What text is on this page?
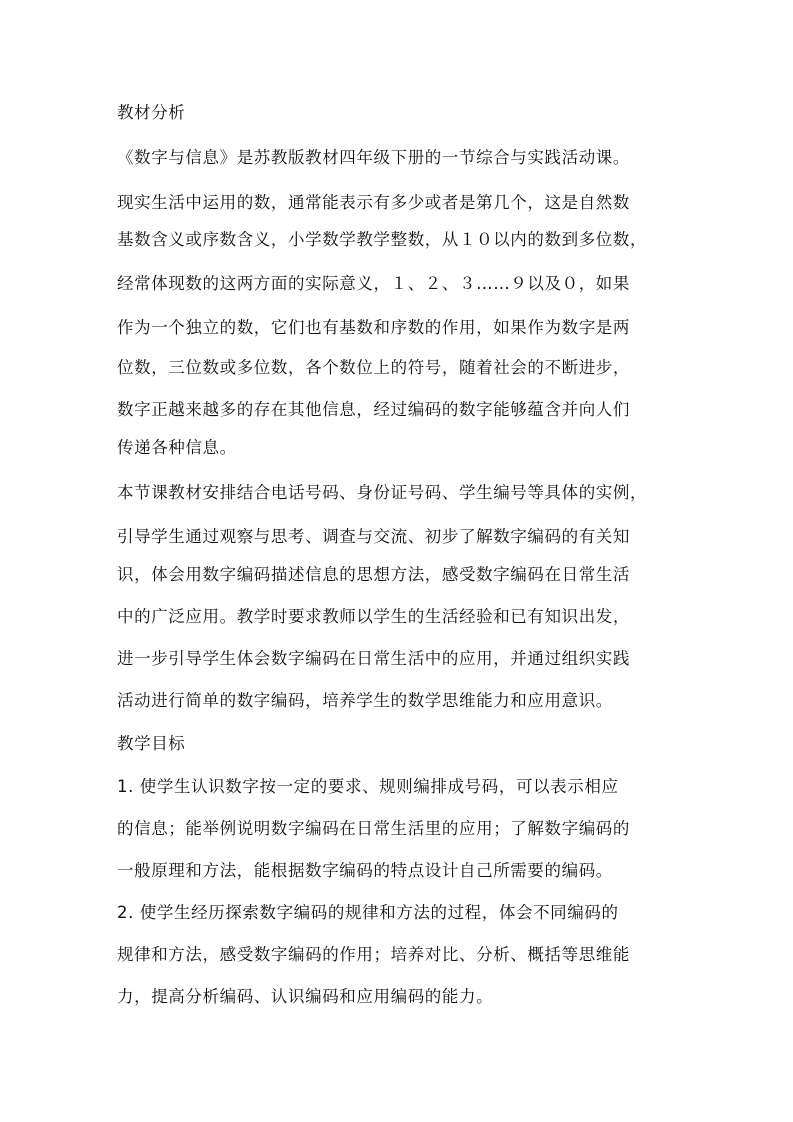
教材分析
《数字与信息》是苏教版教材四年级下册的一节综合与实践活动课。
现实生活中运用的数，通常能表示有多少或者是第几个，这是自然数
基数含义或序数含义，小学数学教学整数，从１０以内的数到多位数，
经常体现数的这两方面的实际意义，１、２、３……９以及０，如果
作为一个独立的数，它们也有基数和序数的作用，如果作为数字是两
位数，三位数或多位数，各个数位上的符号，随着社会的不断进步，
数字正越来越多的存在其他信息，经过编码的数字能够蕴含并向人们
传递各种信息。
本节课教材安排结合电话号码、身份证号码、学生编号等具体的实例，
引导学生通过观察与思考、调查与交流、初步了解数字编码的有关知
识，体会用数字编码描述信息的思想方法，感受数字编码在日常生活
中的广泛应用。教学时要求教师以学生的生活经验和已有知识出发，
进一步引导学生体会数字编码在日常生活中的应用，并通过组织实践
活动进行简单的数字编码，培养学生的数学思维能力和应用意识。
教学目标
1. 使学生认识数字按一定的要求、规则编排成号码，可以表示相应
的信息；能举例说明数字编码在日常生活里的应用；了解数字编码的
一般原理和方法，能根据数字编码的特点设计自己所需要的编码。
2. 使学生经历探索数字编码的规律和方法的过程，体会不同编码的
规律和方法，感受数字编码的作用；培养对比、分析、概括等思维能
力，提高分析编码、认识编码和应用编码的能力。
